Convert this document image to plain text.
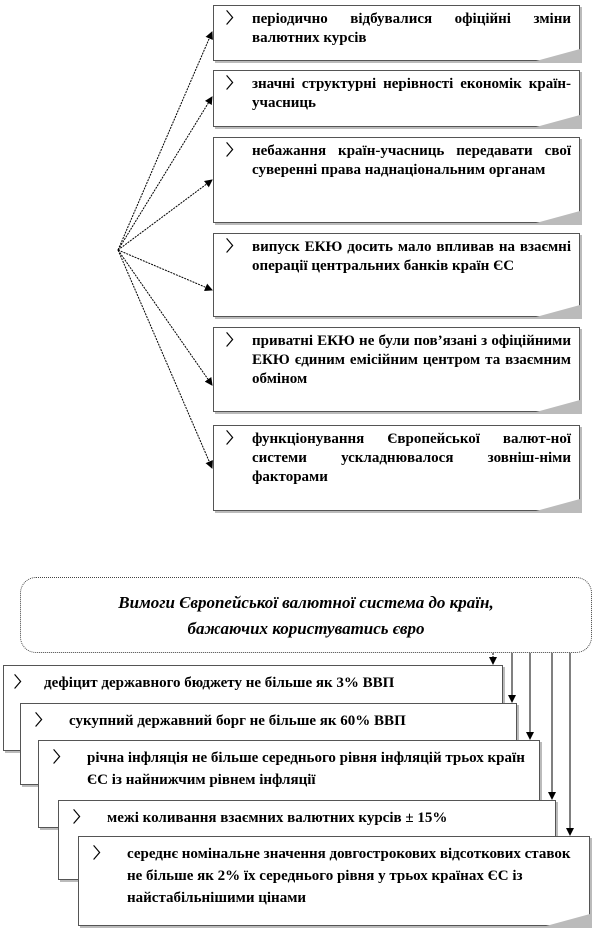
〉 періодично відбувалися офіційні зміни валютних курсів
〉 значні структурні нерівності економік країн-учасниць
〉 небажання країн-учасниць передавати свої суверенні права наднаціональним органам
〉 випуск ЕКЮ досить мало впливав на взаємні операції центральних банків країн ЄС
〉 приватні ЕКЮ не були пов’язані з офіційними ЕКЮ єдиним емісійним центром та взаємним обміном
〉 функціонування Європейської валют-ної системи ускладнювалося зовніш-німи факторами
Вимоги Європейської валютної система до країн,
бажаючих користуватись євро
〉 дефіцит державного бюджету не більше як 3% ВВП
〉 сукупний державний борг не більше як 60% ВВП
〉 річна інфляція не більше середнього рівня інфляцій трьох країн ЄС із найнижчим рівнем інфляції
〉 межі коливання взаємних валютних курсів ± 15%
〉 середнє номінальне значення довгострокових відсоткових ставок не більше як 2% їх середнього рівня у трьох країнах ЄС із найстабільнішими цінами
